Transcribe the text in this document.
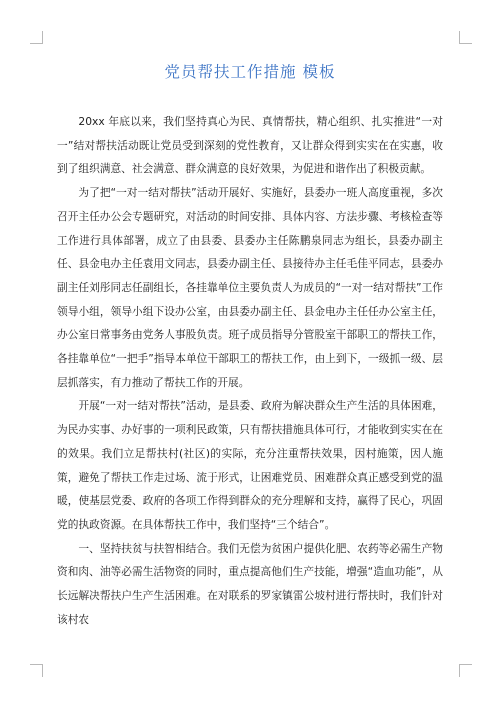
党员帮扶工作措施 模板

20xx 年底以来，我们坚持真心为民、真情帮扶，精心组织、扎实推进“一对一”结对帮扶活动既让党员受到深刻的党性教育，又让群众得到实实在在实惠，收到了组织满意、社会满意、群众满意的良好效果，为促进和谐作出了积极贡献。

为了把“一对一结对帮扶”活动开展好、实施好，县委办一班人高度重视，多次召开主任办公会专题研究，对活动的时间安排、具体内容、方法步骤、考核检查等工作进行具体部署，成立了由县委、县委办主任陈鹏泉同志为组长，县委办副主任、县金电办主任袁用文同志，县委办副主任、县接待办主任毛佳平同志，县委办副主任刘彤同志任副组长，各挂靠单位主要负责人为成员的“一对一结对帮扶”工作领导小组，领导小组下设办公室，由县委办副主任、县金电办主任任办公室主任，办公室日常事务由党务人事股负责。班子成员指导分管股室干部职工的帮扶工作，各挂靠单位“一把手”指导本单位干部职工的帮扶工作，由上到下，一级抓一级、层层抓落实，有力推动了帮扶工作的开展。

开展“一对一结对帮扶”活动，是县委、政府为解决群众生产生活的具体困难，为民办实事、办好事的一项利民政策，只有帮扶措施具体可行，才能收到实实在在的效果。我们立足帮扶村(社区)的实际，充分注重帮扶效果，因村施策，因人施策，避免了帮扶工作走过场、流于形式，让困难党员、困难群众真正感受到党的温暖，使基层党委、政府的各项工作得到群众的充分理解和支持，赢得了民心，巩固党的执政资源。在具体帮扶工作中，我们坚持“三个结合”。

一、坚持扶贫与扶智相结合。我们无偿为贫困户提供化肥、农药等必需生产物资和肉、油等必需生活物资的同时，重点提高他们生产技能，增强“造血功能”，从长远解决帮扶户生产生活困难。在对联系的罗家镇雷公坡村进行帮扶时，我们针对该村农
